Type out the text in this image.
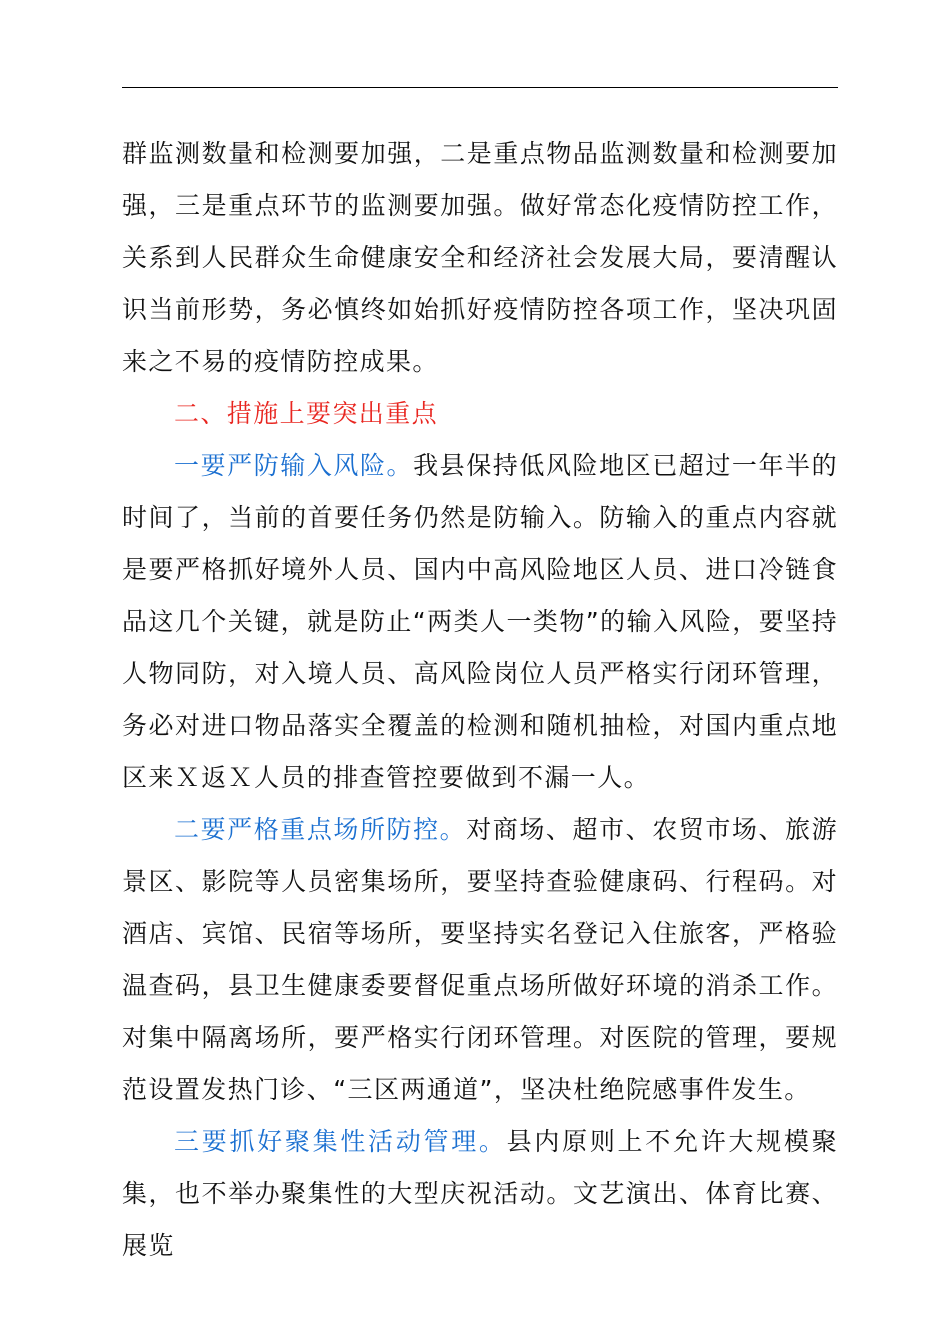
群监测数量和检测要加强，二是重点物品监测数量和检测要加强，三是重点环节的监测要加强。做好常态化疫情防控工作，关系到人民群众生命健康安全和经济社会发展大局，要清醒认识当前形势，务必慎终如始抓好疫情防控各项工作，坚决巩固来之不易的疫情防控成果。

二、措施上要突出重点

一要严防输入风险。我县保持低风险地区已超过一年半的时间了，当前的首要任务仍然是防输入。防输入的重点内容就是要严格抓好境外人员、国内中高风险地区人员、进口冷链食品这几个关键，就是防止“两类人一类物”的输入风险，要坚持人物同防，对入境人员、高风险岗位人员严格实行闭环管理，务必对进口物品落实全覆盖的检测和随机抽检，对国内重点地区来Ｘ返Ｘ人员的排查管控要做到不漏一人。

二要严格重点场所防控。对商场、超市、农贸市场、旅游景区、影院等人员密集场所，要坚持查验健康码、行程码。对酒店、宾馆、民宿等场所，要坚持实名登记入住旅客，严格验温查码，县卫生健康委要督促重点场所做好环境的消杀工作。对集中隔离场所，要严格实行闭环管理。对医院的管理，要规范设置发热门诊、“三区两通道”，坚决杜绝院感事件发生。

三要抓好聚集性活动管理。县内原则上不允许大规模聚集，也不举办聚集性的大型庆祝活动。文艺演出、体育比赛、展览
